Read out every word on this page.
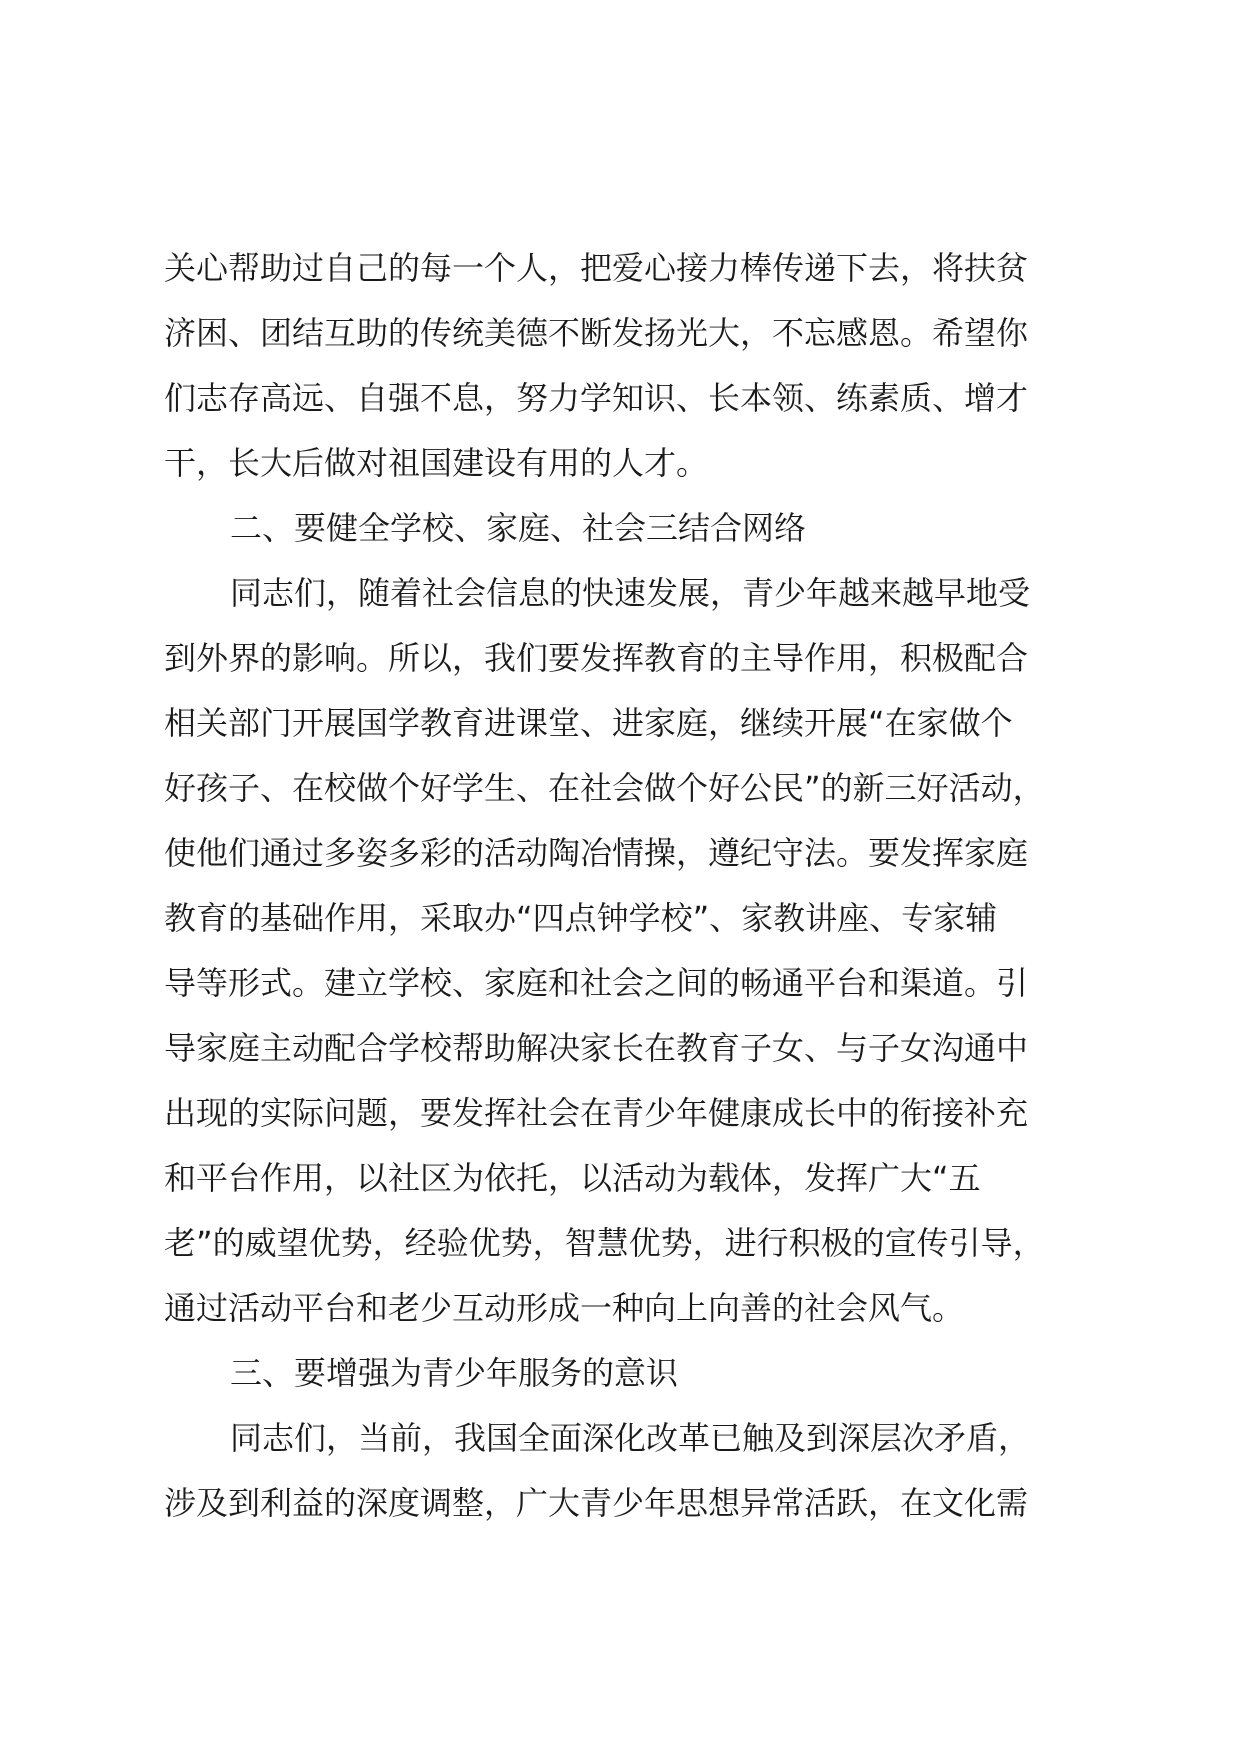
关心帮助过自己的每一个人，把爱心接力棒传递下去，将扶贫
济困、团结互助的传统美德不断发扬光大，不忘感恩。希望你
们志存高远、自强不息，努力学知识、长本领、练素质、增才
干，长大后做对祖国建设有用的人才。
二、要健全学校、家庭、社会三结合网络
同志们，随着社会信息的快速发展，青少年越来越早地受
到外界的影响。所以，我们要发挥教育的主导作用，积极配合
相关部门开展国学教育进课堂、进家庭，继续开展“在家做个
好孩子、在校做个好学生、在社会做个好公民”的新三好活动，
使他们通过多姿多彩的活动陶冶情操，遵纪守法。要发挥家庭
教育的基础作用，采取办“四点钟学校”、家教讲座、专家辅
导等形式。建立学校、家庭和社会之间的畅通平台和渠道。引
导家庭主动配合学校帮助解决家长在教育子女、与子女沟通中
出现的实际问题，要发挥社会在青少年健康成长中的衔接补充
和平台作用，以社区为依托，以活动为载体，发挥广大“五
老”的威望优势，经验优势，智慧优势，进行积极的宣传引导，
通过活动平台和老少互动形成一种向上向善的社会风气。
三、要增强为青少年服务的意识
同志们，当前，我国全面深化改革已触及到深层次矛盾，
涉及到利益的深度调整，广大青少年思想异常活跃，在文化需
